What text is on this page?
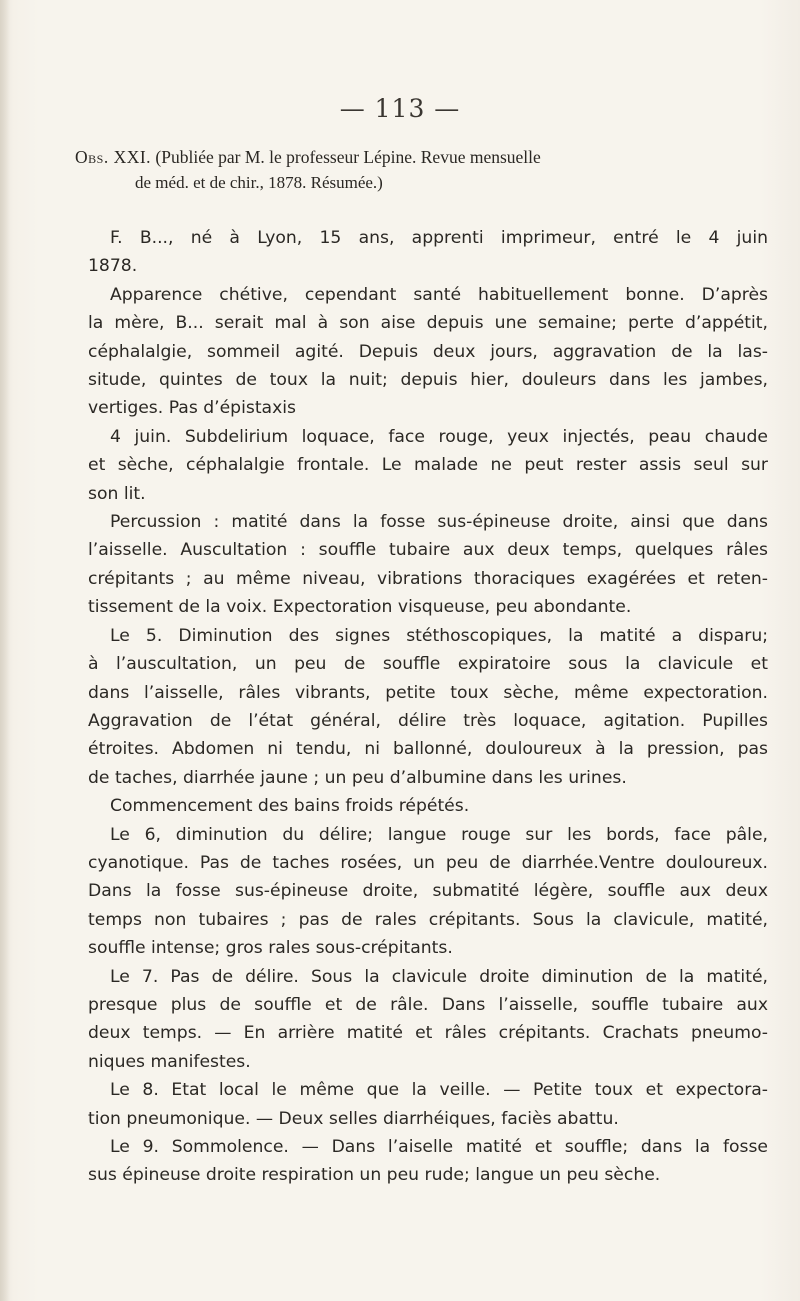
— 113 —
Obs. XXI. (Publiée par M. le professeur Lépine. Revue mensuelle
de méd. et de chir., 1878. Résumée.)

F. B..., né à Lyon, 15 ans, apprenti imprimeur, entré le 4 juin

1878.

Apparence chétive, cependant santé habituellement bonne. D’après

la mère, B... serait mal à son aise depuis une semaine; perte d’appétit,

céphalalgie, sommeil agité. Depuis deux jours, aggravation de la las-

situde, quintes de toux la nuit; depuis hier, douleurs dans les jambes,

vertiges. Pas d’épistaxis

4 juin. Subdelirium loquace, face rouge, yeux injectés, peau chaude

et sèche, céphalalgie frontale. Le malade ne peut rester assis seul sur

son lit.

Percussion : matité dans la fosse sus-épineuse droite, ainsi que dans

l’aisselle. Auscultation : souffle tubaire aux deux temps, quelques râles

crépitants ; au même niveau, vibrations thoraciques exagérées et reten-

tissement de la voix. Expectoration visqueuse, peu abondante.

Le 5. Diminution des signes stéthoscopiques, la matité a disparu;

à l’auscultation, un peu de souffle expiratoire sous la clavicule et

dans l’aisselle, râles vibrants, petite toux sèche, même expectoration.

Aggravation de l’état général, délire très loquace, agitation. Pupilles

étroites. Abdomen ni tendu, ni ballonné, douloureux à la pression, pas

de taches, diarrhée jaune ; un peu d’albumine dans les urines.

Commencement des bains froids répétés.

Le 6, diminution du délire; langue rouge sur les bords, face pâle,

cyanotique. Pas de taches rosées, un peu de diarrhée.Ventre douloureux.

Dans la fosse sus-épineuse droite, submatité légère, souffle aux deux

temps non tubaires ; pas de rales crépitants. Sous la clavicule, matité,

souffle intense; gros rales sous-crépitants.

Le 7. Pas de délire. Sous la clavicule droite diminution de la matité,

presque plus de souffle et de râle. Dans l’aisselle, souffle tubaire aux

deux temps. — En arrière matité et râles crépitants. Crachats pneumo-

niques manifestes.

Le 8. Etat local le même que la veille. — Petite toux et expectora-

tion pneumonique. — Deux selles diarrhéiques, faciès abattu.

Le 9. Sommolence. — Dans l’aiselle matité et souffle; dans la fosse

sus épineuse droite respiration un peu rude; langue un peu sèche.
